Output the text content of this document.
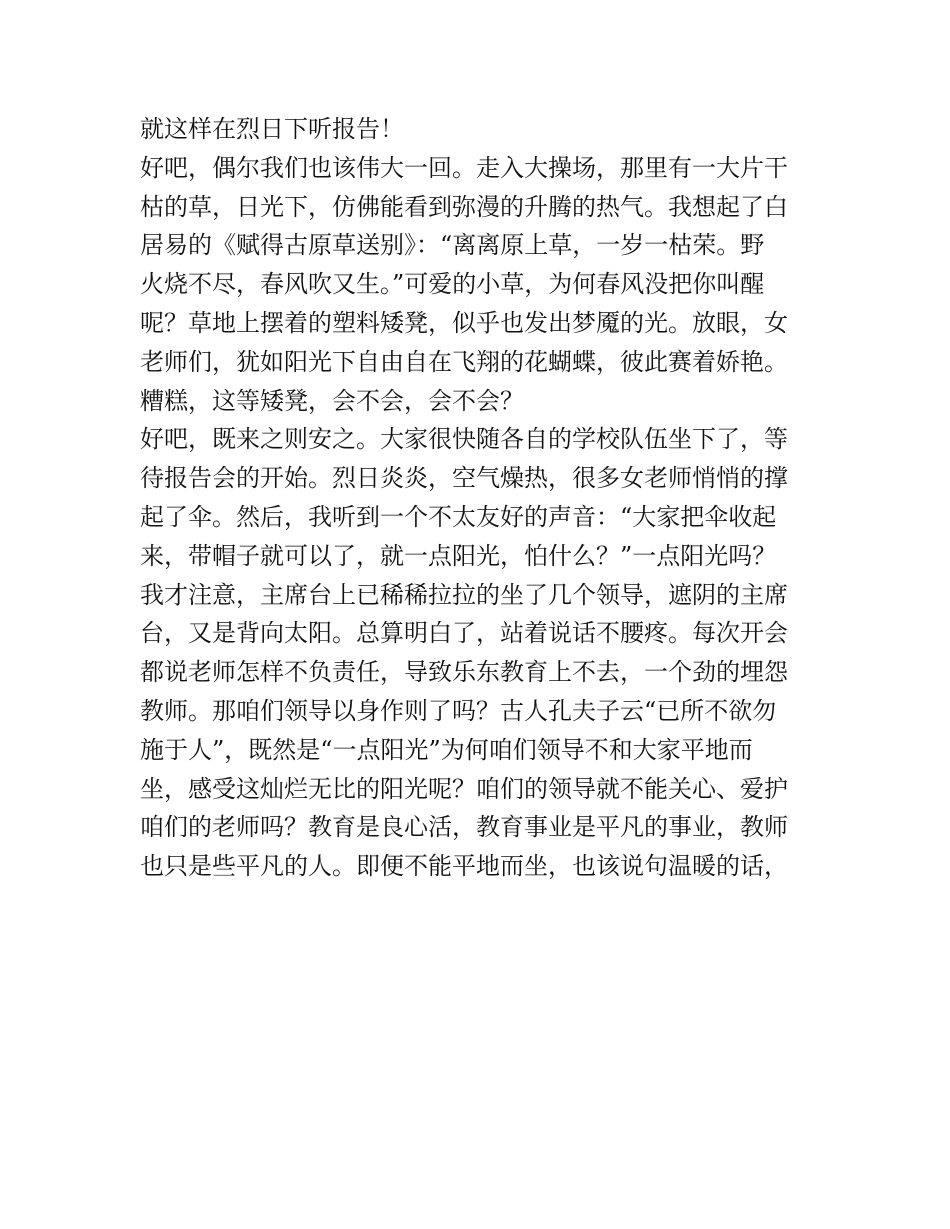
就这样在烈日下听报告！
好吧，偶尔我们也该伟大一回。走入大操场，那里有一大片干
枯的草，日光下，仿佛能看到弥漫的升腾的热气。我想起了白
居易的《赋得古原草送别》：“离离原上草，一岁一枯荣。野
火烧不尽，春风吹又生。”可爱的小草，为何春风没把你叫醒
呢？草地上摆着的塑料矮凳，似乎也发出梦魇的光。放眼，女
老师们，犹如阳光下自由自在飞翔的花蝴蝶，彼此赛着娇艳。
糟糕，这等矮凳，会不会，会不会？
好吧，既来之则安之。大家很快随各自的学校队伍坐下了，等
待报告会的开始。烈日炎炎，空气燥热，很多女老师悄悄的撑
起了伞。然后，我听到一个不太友好的声音：“大家把伞收起
来，带帽子就可以了，就一点阳光，怕什么？”一点阳光吗？
我才注意，主席台上已稀稀拉拉的坐了几个领导，遮阴的主席
台，又是背向太阳。总算明白了，站着说话不腰疼。每次开会
都说老师怎样不负责任，导致乐东教育上不去，一个劲的埋怨
教师。那咱们领导以身作则了吗？古人孔夫子云“已所不欲勿
施于人”，既然是“一点阳光”为何咱们领导不和大家平地而
坐，感受这灿烂无比的阳光呢？咱们的领导就不能关心、爱护
咱们的老师吗？教育是良心活，教育事业是平凡的事业，教师
也只是些平凡的人。即便不能平地而坐，也该说句温暖的话，
